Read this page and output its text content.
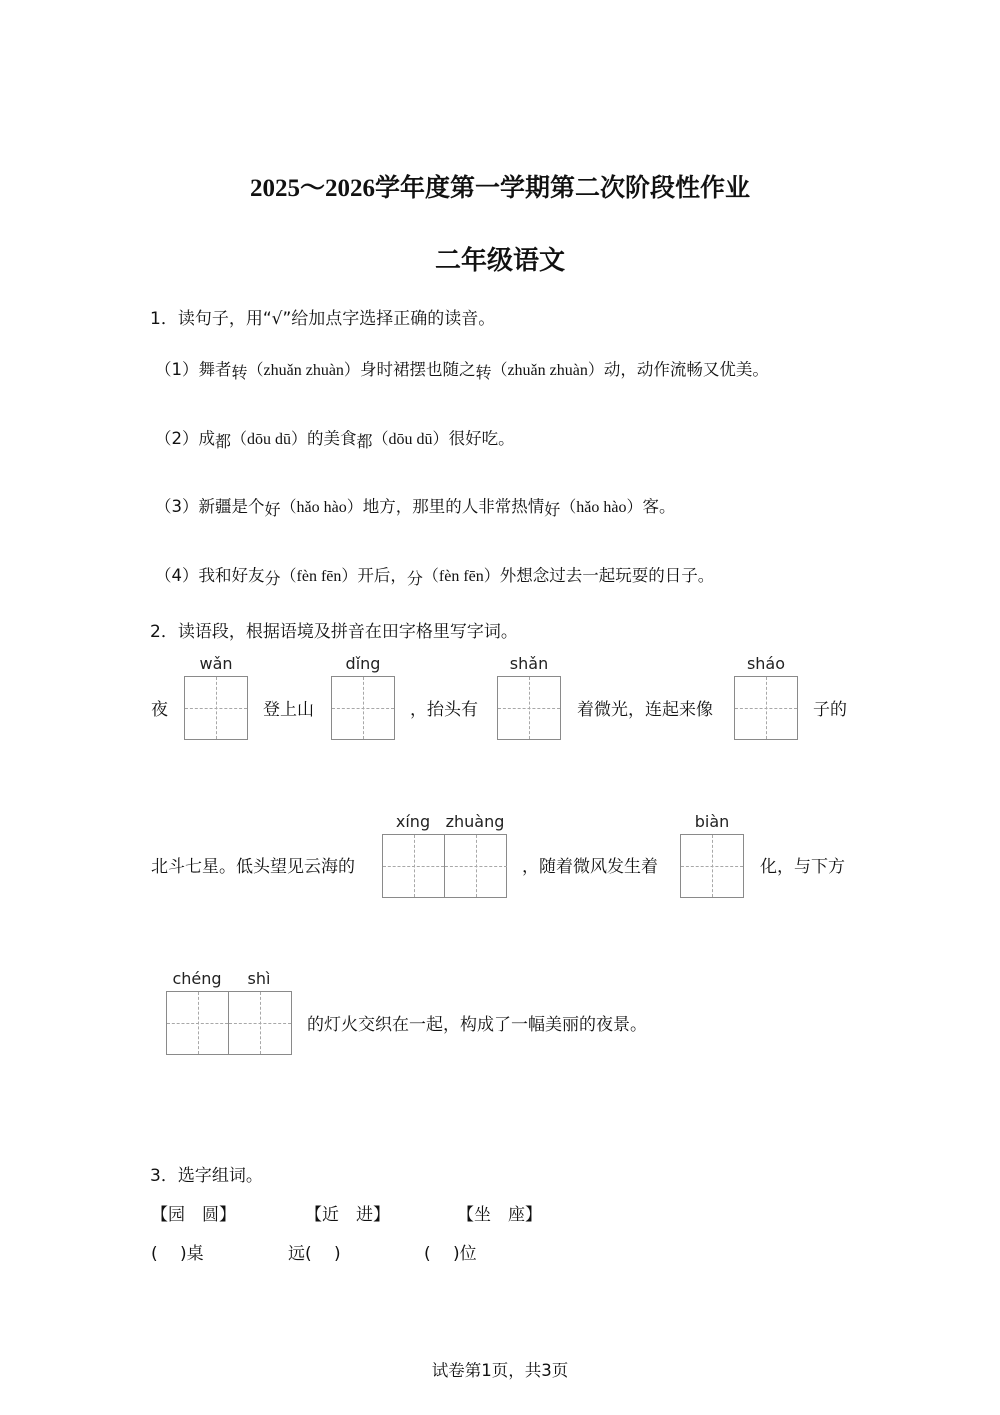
2025～2026学年度第一学期第二次阶段性作业
二年级语文
1．读句子，用“√”给加点字选择正确的读音。
（1）舞者转（zhuǎn zhuàn）身时裙摆也随之转（zhuǎn zhuàn）动，动作流畅又优美。
（2）成都（dōu dū）的美食都（dōu dū）很好吃。
（3）新疆是个好（hǎo hào）地方，那里的人非常热情好（hǎo hào）客。
（4）我和好友分（fèn fēn）开后，分（fèn fēn）外想念过去一起玩耍的日子。
2．读语段，根据语境及拼音在田字格里写字词。
夜
wǎn
登上山
dǐng
，抬头有
shǎn
着微光，连起来像
sháo
子的
北斗七星。低头望见云海的
xíng zhuàng
，随着微风发生着
biàn
化，与下方
chéng	shì
的灯火交织在一起，构成了一幅美丽的夜景。
3．选字组词。
【园　圆】	【近　进】	【坐　座】
(　 )桌	远(　 )	(　 )位
试卷第1页，共3页
